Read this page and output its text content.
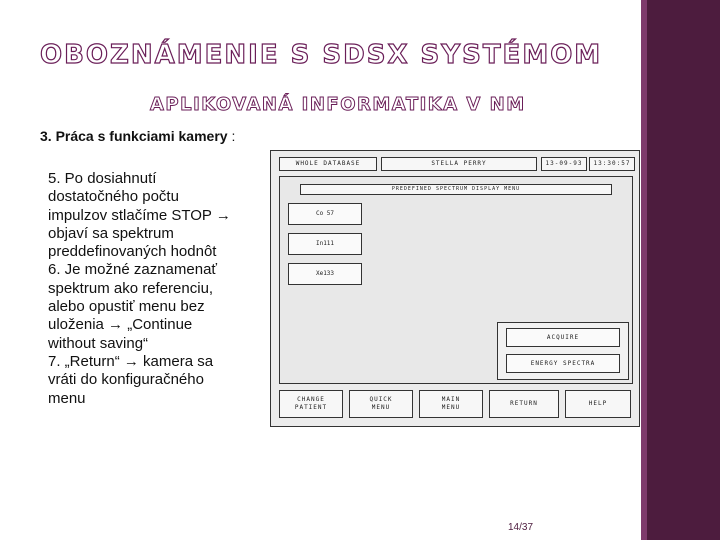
OBOZNÁMENIE S SDSX SYSTÉMOM
APLIKOVANÁ INFORMATIKA V NM
3. Práca s funkciami kamery :
5. Po dosiahnutí
dostatočného počtu
impulzov stlačíme STOP →
objaví sa spektrum
preddefinovaných hodnôt
6. Je možné zaznamenať
spektrum ako referenciu,
alebo opustiť menu bez
uloženia → „Continue
without saving“
7. „Return“ → kamera sa
vráti do konfiguračného
menu
WHOLE DATABASE	STELLA PERRY	13-09-93	13:30:57
PREDEFINED SPECTRUM DISPLAY MENU
Co 57
In111
Xe133
ACQUIRE
ENERGY SPECTRA
CHANGE
PATIENT
QUICK
MENU
MAIN
MENU
RETURN	HELP
14/37
